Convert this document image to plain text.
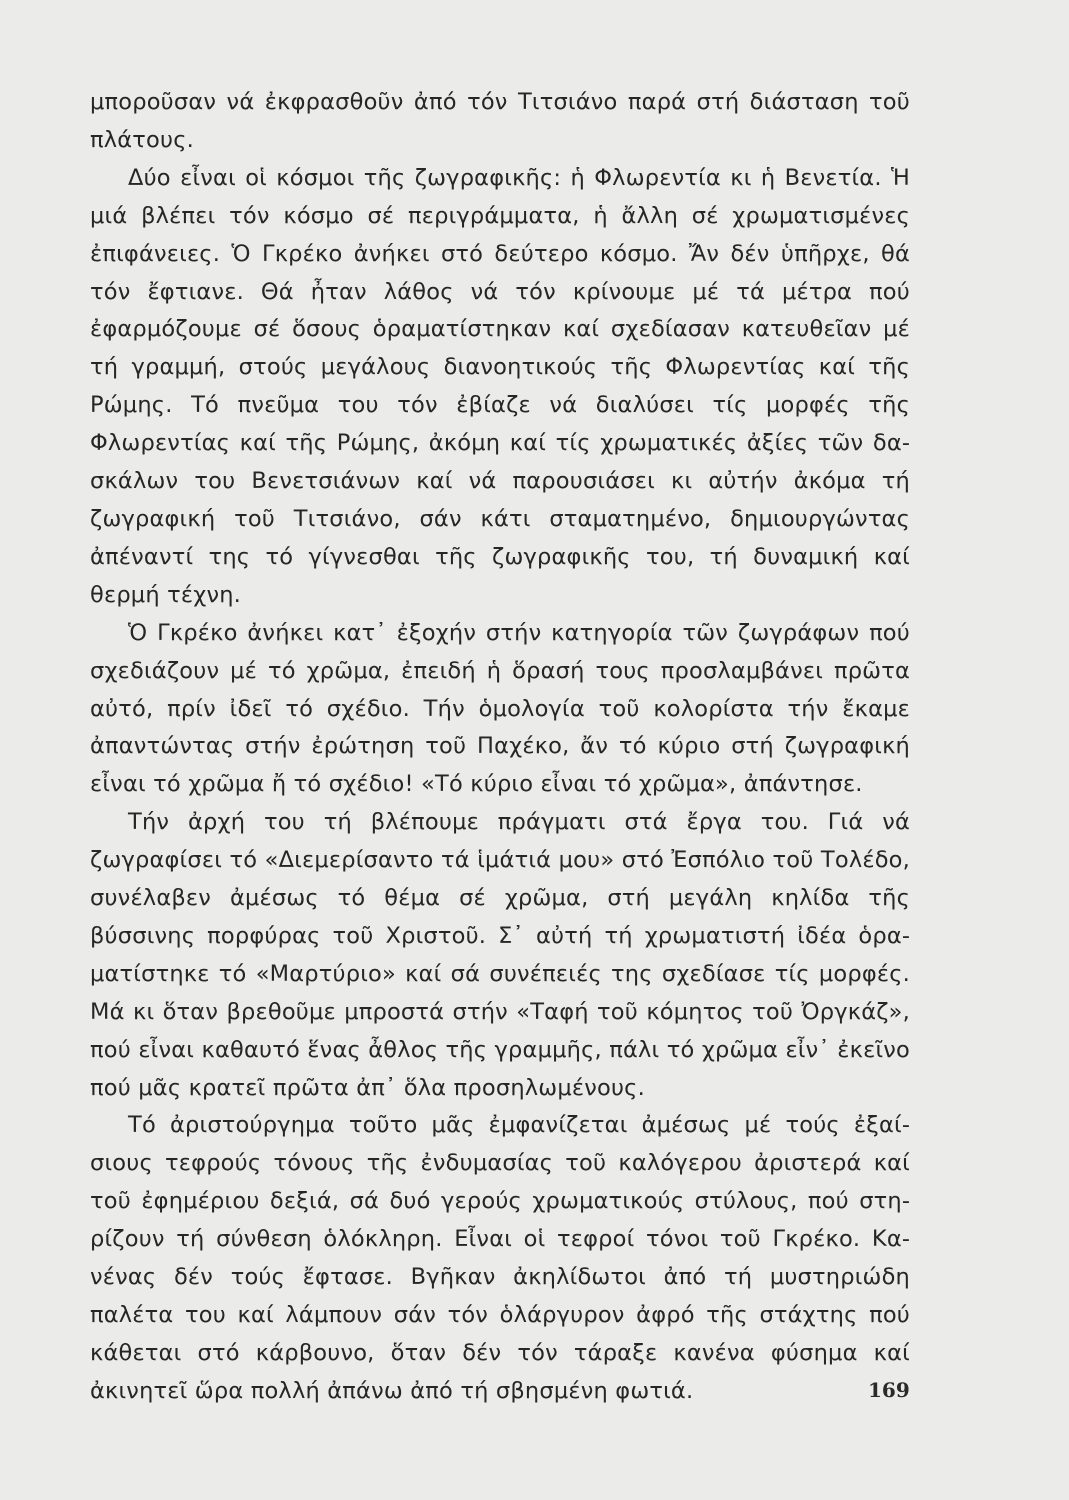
μποροῦσαν νά ἐκφρασθοῦν ἀπό τόν Τιτσιάνο παρά στή διάσταση τοῦ πλάτους.

Δύο εἶναι οἱ κόσμοι τῆς ζωγραφικῆς: ἡ Φλωρεντία κι ἡ Βενετία. Ἡ μιά βλέπει τόν κόσμο σέ περιγράμματα, ἡ ἄλλη σέ χρωματισμένες ἐπιφάνειες. Ὁ Γκρέκο ἀνήκει στό δεύτερο κόσμο. Ἄν δέν ὑπῆρχε, θά τόν ἔφτιανε. Θά ἦταν λάθος νά τόν κρίνουμε μέ τά μέτρα πού ἐφαρμόζουμε σέ ὅσους ὁραματίστηκαν καί σχεδίασαν κατευθεῖαν μέ τή γραμμή, στούς μεγάλους διανοητικούς τῆς Φλωρεντίας καί τῆς Ρώμης. Τό πνεῦμα του τόν ἐβίαζε νά διαλύσει τίς μορφές τῆς Φλωρεντίας καί τῆς Ρώμης, ἀκόμη καί τίς χρωματικές ἀξίες τῶν δασκάλων του Βενετσιάνων καί νά παρουσιάσει κι αὐτήν ἀκόμα τή ζωγραφική τοῦ Τιτσιάνο, σάν κάτι σταματημένο, δημιουργώντας ἀπέναντί της τό γίγνεσθαι τῆς ζωγραφικῆς του, τή δυναμική καί θερμή τέχνη.

Ὁ Γκρέκο ἀνήκει κατ᾽ ἐξοχήν στήν κατηγορία τῶν ζωγράφων πού σχεδιάζουν μέ τό χρῶμα, ἐπειδή ἡ ὅρασή τους προσλαμβάνει πρῶτα αὐτό, πρίν ἰδεῖ τό σχέδιο. Τήν ὁμολογία τοῦ κολορίστα τήν ἔκαμε ἀπαντώντας στήν ἐρώτηση τοῦ Παχέκο, ἄν τό κύριο στή ζωγραφική εἶναι τό χρῶμα ἤ τό σχέδιο! «Τό κύριο εἶναι τό χρῶμα», ἀπάντησε.

Τήν ἀρχή του τή βλέπουμε πράγματι στά ἔργα του. Γιά νά ζωγραφίσει τό «Διεμερίσαντο τά ἱμάτιά μου» στό Ἐσπόλιο τοῦ Τολέδο, συνέλαβεν ἀμέσως τό θέμα σέ χρῶμα, στή μεγάλη κηλίδα τῆς βύσσινης πορφύρας τοῦ Χριστοῦ. Σ᾽ αὐτή τή χρωματιστή ἰδέα ὁραματίστηκε τό «Μαρτύριο» καί σά συνέπειές της σχεδίασε τίς μορφές. Μά κι ὅταν βρεθοῦμε μπροστά στήν «Ταφή τοῦ κόμητος τοῦ Ὀργκάζ», πού εἶναι καθαυτό ἕνας ἆθλος τῆς γραμμῆς, πάλι τό χρῶμα εἶν᾽ ἐκεῖνο πού μᾶς κρατεῖ πρῶτα ἀπ᾽ ὅλα προσηλωμένους.

Τό ἀριστούργημα τοῦτο μᾶς ἐμφανίζεται ἀμέσως μέ τούς ἐξαίσιους τεφρούς τόνους τῆς ἐνδυμασίας τοῦ καλόγερου ἀριστερά καί τοῦ ἐφημέριου δεξιά, σά δυό γερούς χρωματικούς στύλους, πού στηρίζουν τή σύνθεση ὁλόκληρη. Εἶναι οἱ τεφροί τόνοι τοῦ Γκρέκο. Κανένας δέν τούς ἔφτασε. Βγῆκαν ἀκηλίδωτοι ἀπό τή μυστηριώδη παλέτα του καί λάμπουν σάν τόν ὁλάργυρον ἀφρό τῆς στάχτης πού κάθεται στό κάρβουνο, ὅταν δέν τόν τάραξε κανένα φύσημα καί ἀκινητεῖ ὥρα πολλή ἀπάνω ἀπό τή σβησμένη φωτιά.	169
